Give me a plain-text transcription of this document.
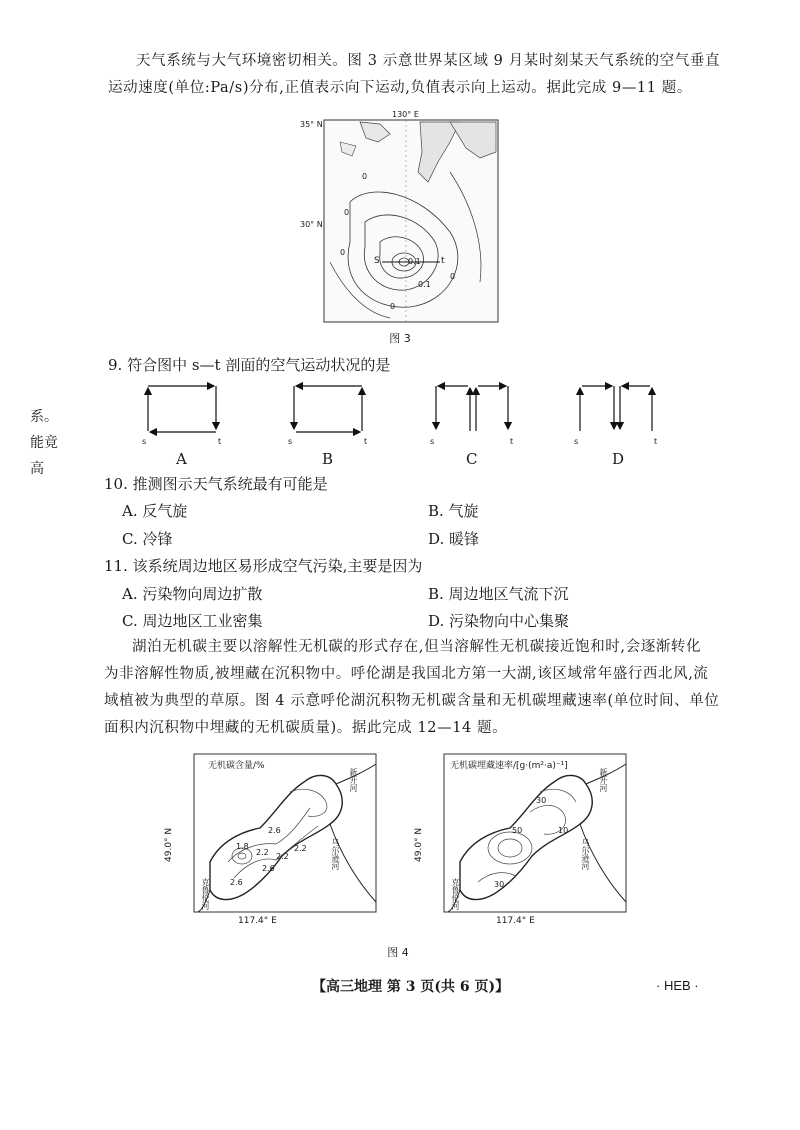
天气系统与大气环境密切相关。图 3 示意世界某区域 9 月某时刻某天气系统的空气垂直
运动速度(单位:Pa/s)分布,正值表示向下运动,负值表示向上运动。据此完成 9—11 题。
130° E
35° N
30° N
0
0
0
0
0
0.1
S	t
0.1
图 3
9. 符合图中 s—t 剖面的空气运动状况的是
s	t	s	t	s	t	s	t
A	B	C	D
系。
能竟
高
10. 推测图示天气系统最有可能是
A. 反气旋	B. 气旋
C. 冷锋	D. 暖锋
11. 该系统周边地区易形成空气污染,主要是因为
A. 污染物向周边扩散	B. 周边地区气流下沉
C. 周边地区工业密集	D. 污染物向中心集聚
湖泊无机碳主要以溶解性无机碳的形式存在,但当溶解性无机碳接近饱和时,会逐渐转化
为非溶解性物质,被埋藏在沉积物中。呼伦湖是我国北方第一大湖,该区域常年盛行西北风,流
域植被为典型的草原。图 4 示意呼伦湖沉积物无机碳含量和无机碳埋藏速率(单位时间、单位
面积内沉积物中埋藏的无机碳质量)。据此完成 12—14 题。
无机碳含量/%
49.0° N
117.4° E
新开河
乌尔逊河
克鲁伦河
2.6
1.8
2.2 2.2
2.2
2.6
2.6
无机碳埋藏速率/[g·(m²·a)⁻¹]
49.0° N
117.4° E
新开河
乌尔逊河
克鲁伦河
30
50	10
30
图 4
【高三地理 第 3 页(共 6 页)】	· HEB ·
